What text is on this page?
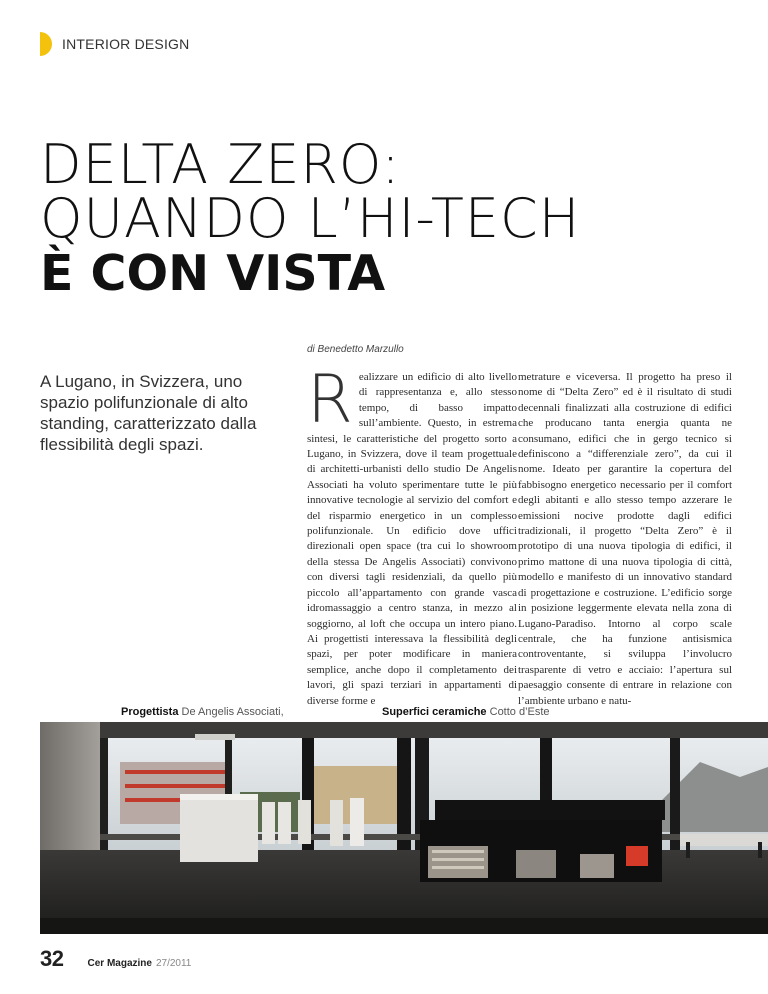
INTERIOR DESIGN
DELTA ZERO:
QUANDO L’HI-TECH
È CON VISTA
di Benedetto Marzullo

A Lugano, in Svizzera, uno spazio polifunzionale di alto standing, caratterizzato dalla flessibilità degli spazi.

R ealizzare un edificio di alto livello di rappresentanza e, allo stesso tempo, di basso impatto sull’ambiente. Questo, in estrema sintesi, le caratteristiche del progetto sorto a Lugano, in Svizzera, dove il team progettuale di architetti-urbanisti dello studio De Angelis Associati ha voluto sperimentare tutte le più innovative tecnologie al servizio del comfort e del risparmio energetico in un complesso polifunzionale. Un edificio dove uffici direzionali open space (tra cui lo showroom della stessa De Angelis Associati) convivono con diversi tagli residenziali, da quello più piccolo all’appartamento con grande vasca idromassaggio a centro stanza, in mezzo al soggiorno, al loft che occupa un intero piano. Ai progettisti interessava la flessibilità degli spazi, per poter modificare in maniera semplice, anche dopo il completamento dei lavori, gli spazi terziari in appartamenti di diverse forme e
metrature e viceversa. Il progetto ha preso il nome di “Delta Zero” ed è il risultato di studi decennali finalizzati alla costruzione di edifici che producano tanta energia quanta ne consumano, edifici che in gergo tecnico si definiscono a “differenziale zero”, da cui il nome. Ideato per garantire la copertura del fabbisogno energetico necessario per il comfort degli abitanti e allo stesso tempo azzerare le emissioni nocive prodotte dagli edifici tradizionali, il progetto “Delta Zero” è il prototipo di una nuova tipologia di edifici, il primo mattone di una nuova tipologia di città, modello e manifesto di un innovativo standard di progettazione e costruzione. L’edificio sorge in posizione leggermente elevata nella zona di Lugano-Paradiso. Intorno al corpo scale centrale, che ha funzione antisismica controventante, si sviluppa l’involucro trasparente di vetro e acciaio: l’apertura sul paesaggio consente di entrare in relazione con l’ambiente urbano e natu-
Progettista De Angelis Associati,	Superfici ceramiche Cotto d’Este
32 Cer Magazine 27/2011
